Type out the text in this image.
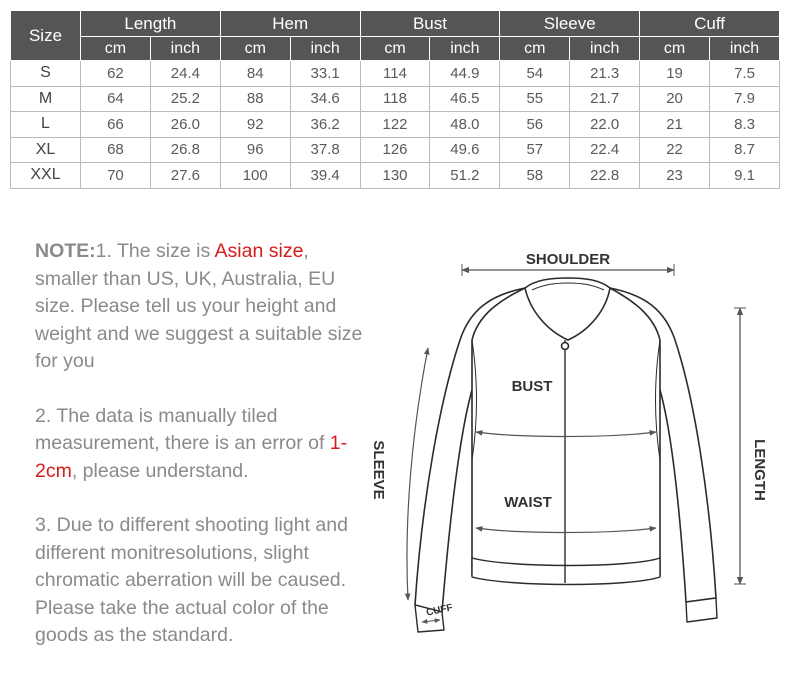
Size	Length		Hem		Bust		Sleeve		Cuff	
	cm	inch	cm	inch	cm	inch	cm	inch	cm	inch
S	62	24.4	84	33.1	114	44.9	54	21.3	19	7.5
M	64	25.2	88	34.6	118	46.5	55	21.7	20	7.9
L	66	26.0	92	36.2	122	48.0	56	22.0	21	8.3
XL	68	26.8	96	37.8	126	49.6	57	22.4	22	8.7
XXL	70	27.6	100	39.4	130	51.2	58	22.8	23	9.1

NOTE:1. The size is Asian size, smaller than US, UK, Australia, EU size. Please tell us your height and weight and we suggest a suitable size for you

2. The data is manually tiled measurement, there is an error of 1-2cm, please understand.

3. Due to different shooting light and different monitresolutions, slight chromatic aberration will be caused. Please take the actual color of the goods as the standard.

SHOULDER
SLEEVE	LENGTH
BUST
WAIST
CUFF
